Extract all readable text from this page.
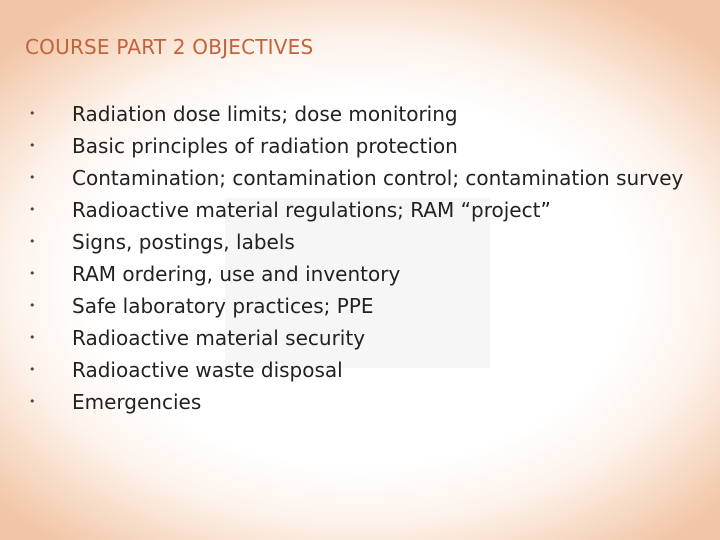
COURSE PART 2 OBJECTIVES
• Radiation dose limits; dose monitoring
• Basic principles of radiation protection
• Contamination; contamination control; contamination survey
• Radioactive material regulations; RAM “project”
• Signs, postings, labels
• RAM ordering, use and inventory
• Safe laboratory practices; PPE
• Radioactive material security
• Radioactive waste disposal
• Emergencies
